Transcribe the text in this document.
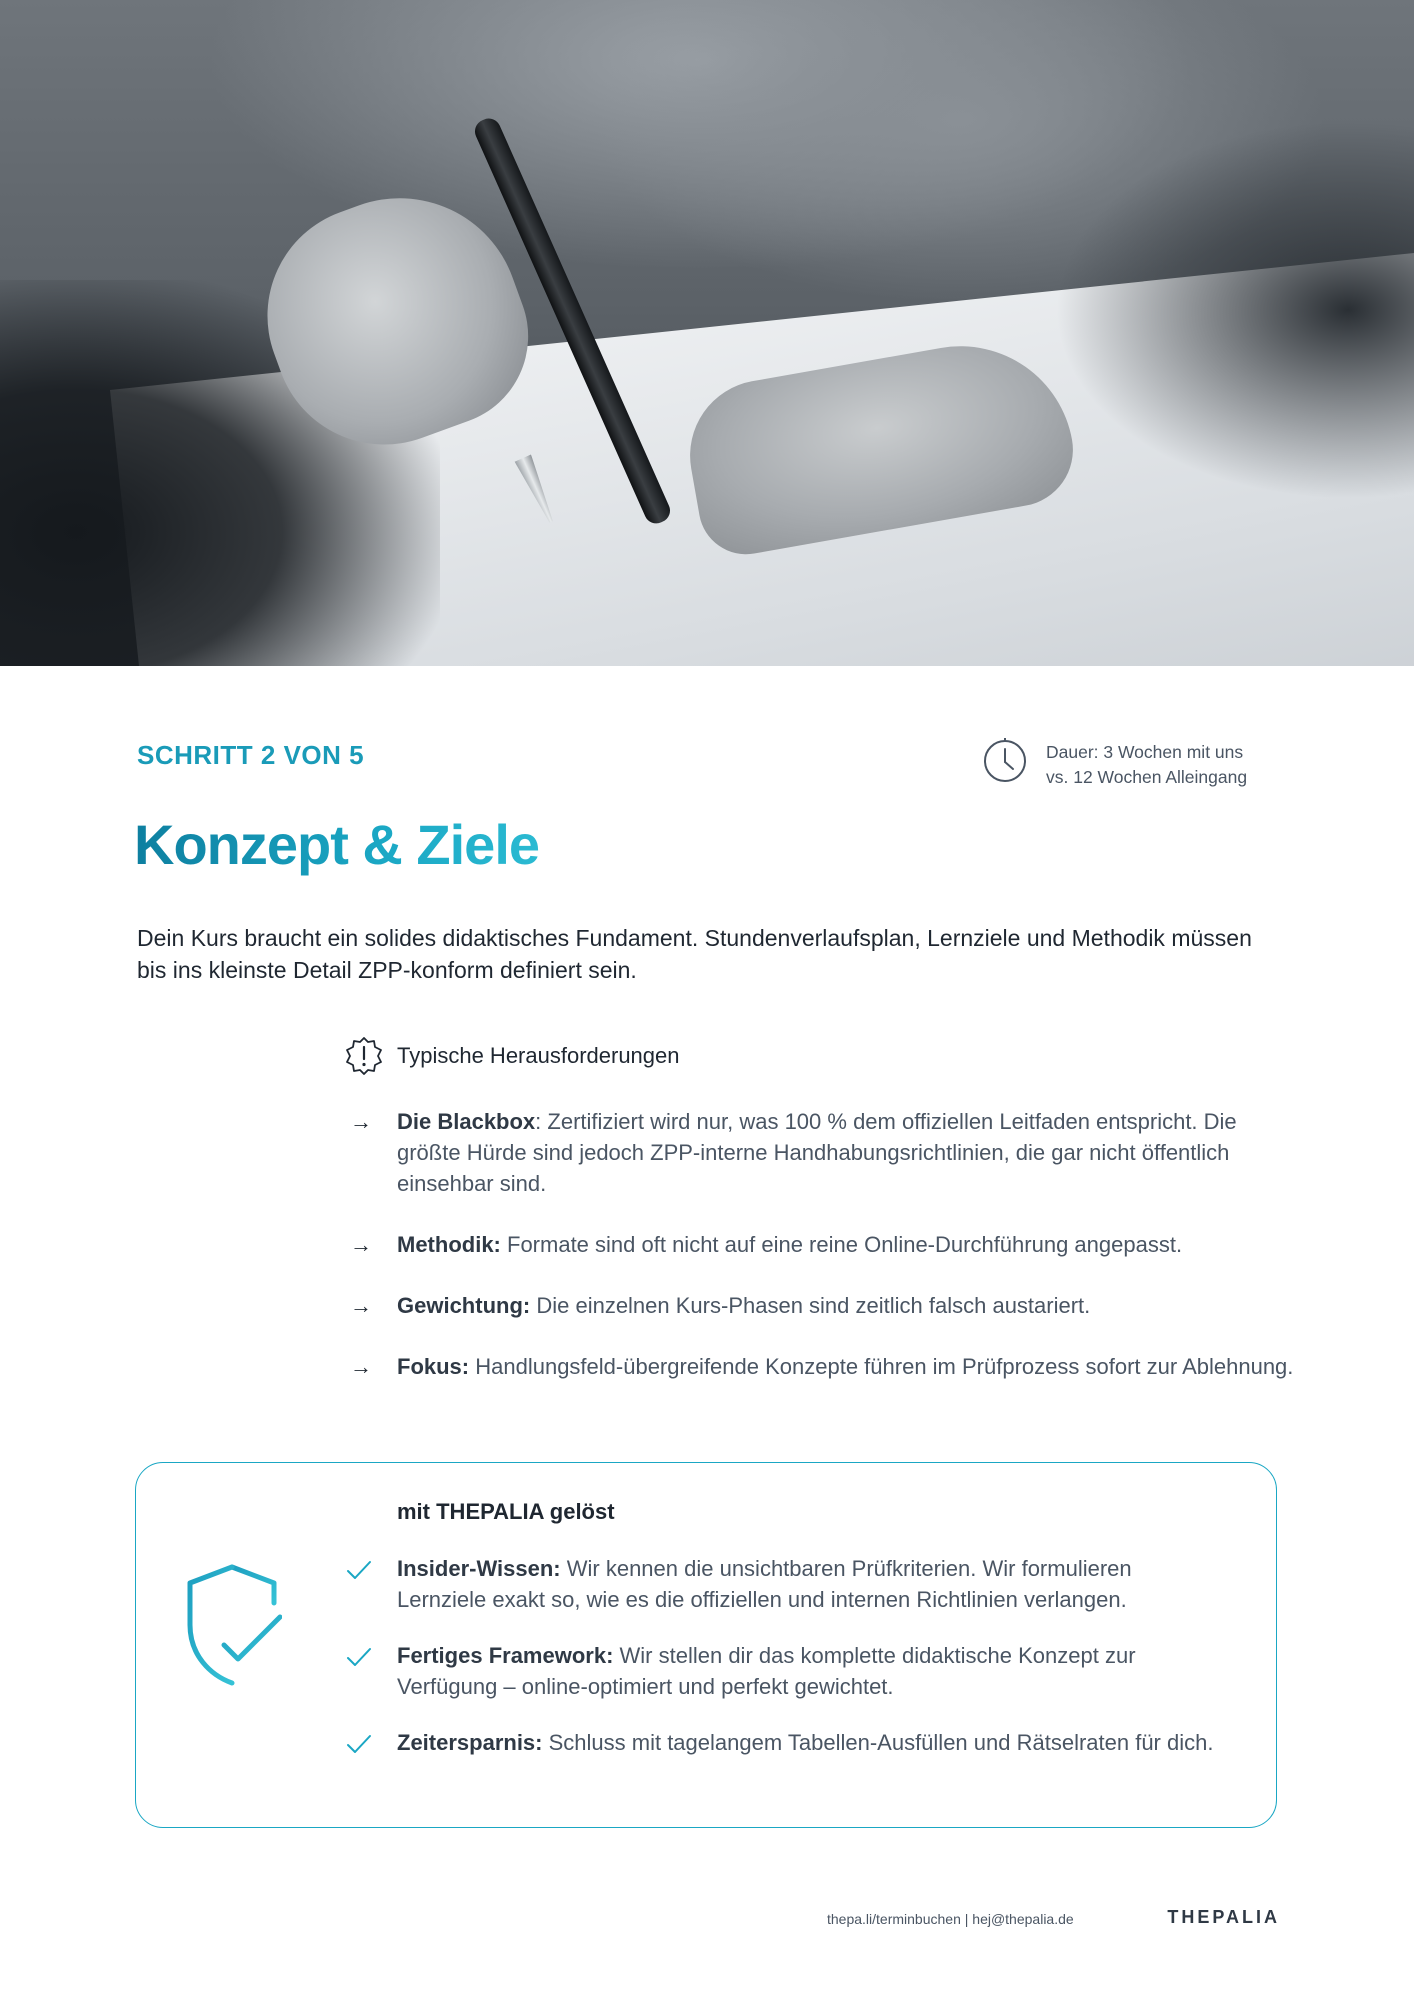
SCHRITT 2 VON 5	Dauer: 3 Wochen mit uns
vs. 12 Wochen Alleingang
Konzept & Ziele

Dein Kurs braucht ein solides didaktisches Fundament. Stundenverlaufsplan, Lernziele und Methodik müssen bis ins kleinste Detail ZPP-konform definiert sein.

Typische Herausforderungen
→ Die Blackbox: Zertifiziert wird nur, was 100 % dem offiziellen Leitfaden entspricht. Die größte Hürde sind jedoch ZPP-interne Handhabungsrichtlinien, die gar nicht öffentlich einsehbar sind.
→ Methodik: Formate sind oft nicht auf eine reine Online-Durchführung angepasst.
→ Gewichtung: Die einzelnen Kurs-Phasen sind zeitlich falsch austariert.
→ Fokus: Handlungsfeld-übergreifende Konzepte führen im Prüfprozess sofort zur Ablehnung.
mit THEPALIA gelöst
Insider-Wissen: Wir kennen die unsichtbaren Prüfkriterien. Wir formulieren Lernziele exakt so, wie es die offiziellen und internen Richtlinien verlangen.
Fertiges Framework: Wir stellen dir das komplette didaktische Konzept zur Verfügung – online-optimiert und perfekt gewichtet.
Zeitersparnis: Schluss mit tagelangem Tabellen-Ausfüllen und Rätselraten für dich.
thepa.li/terminbuchen | hej@thepalia.de	THEPALIA
